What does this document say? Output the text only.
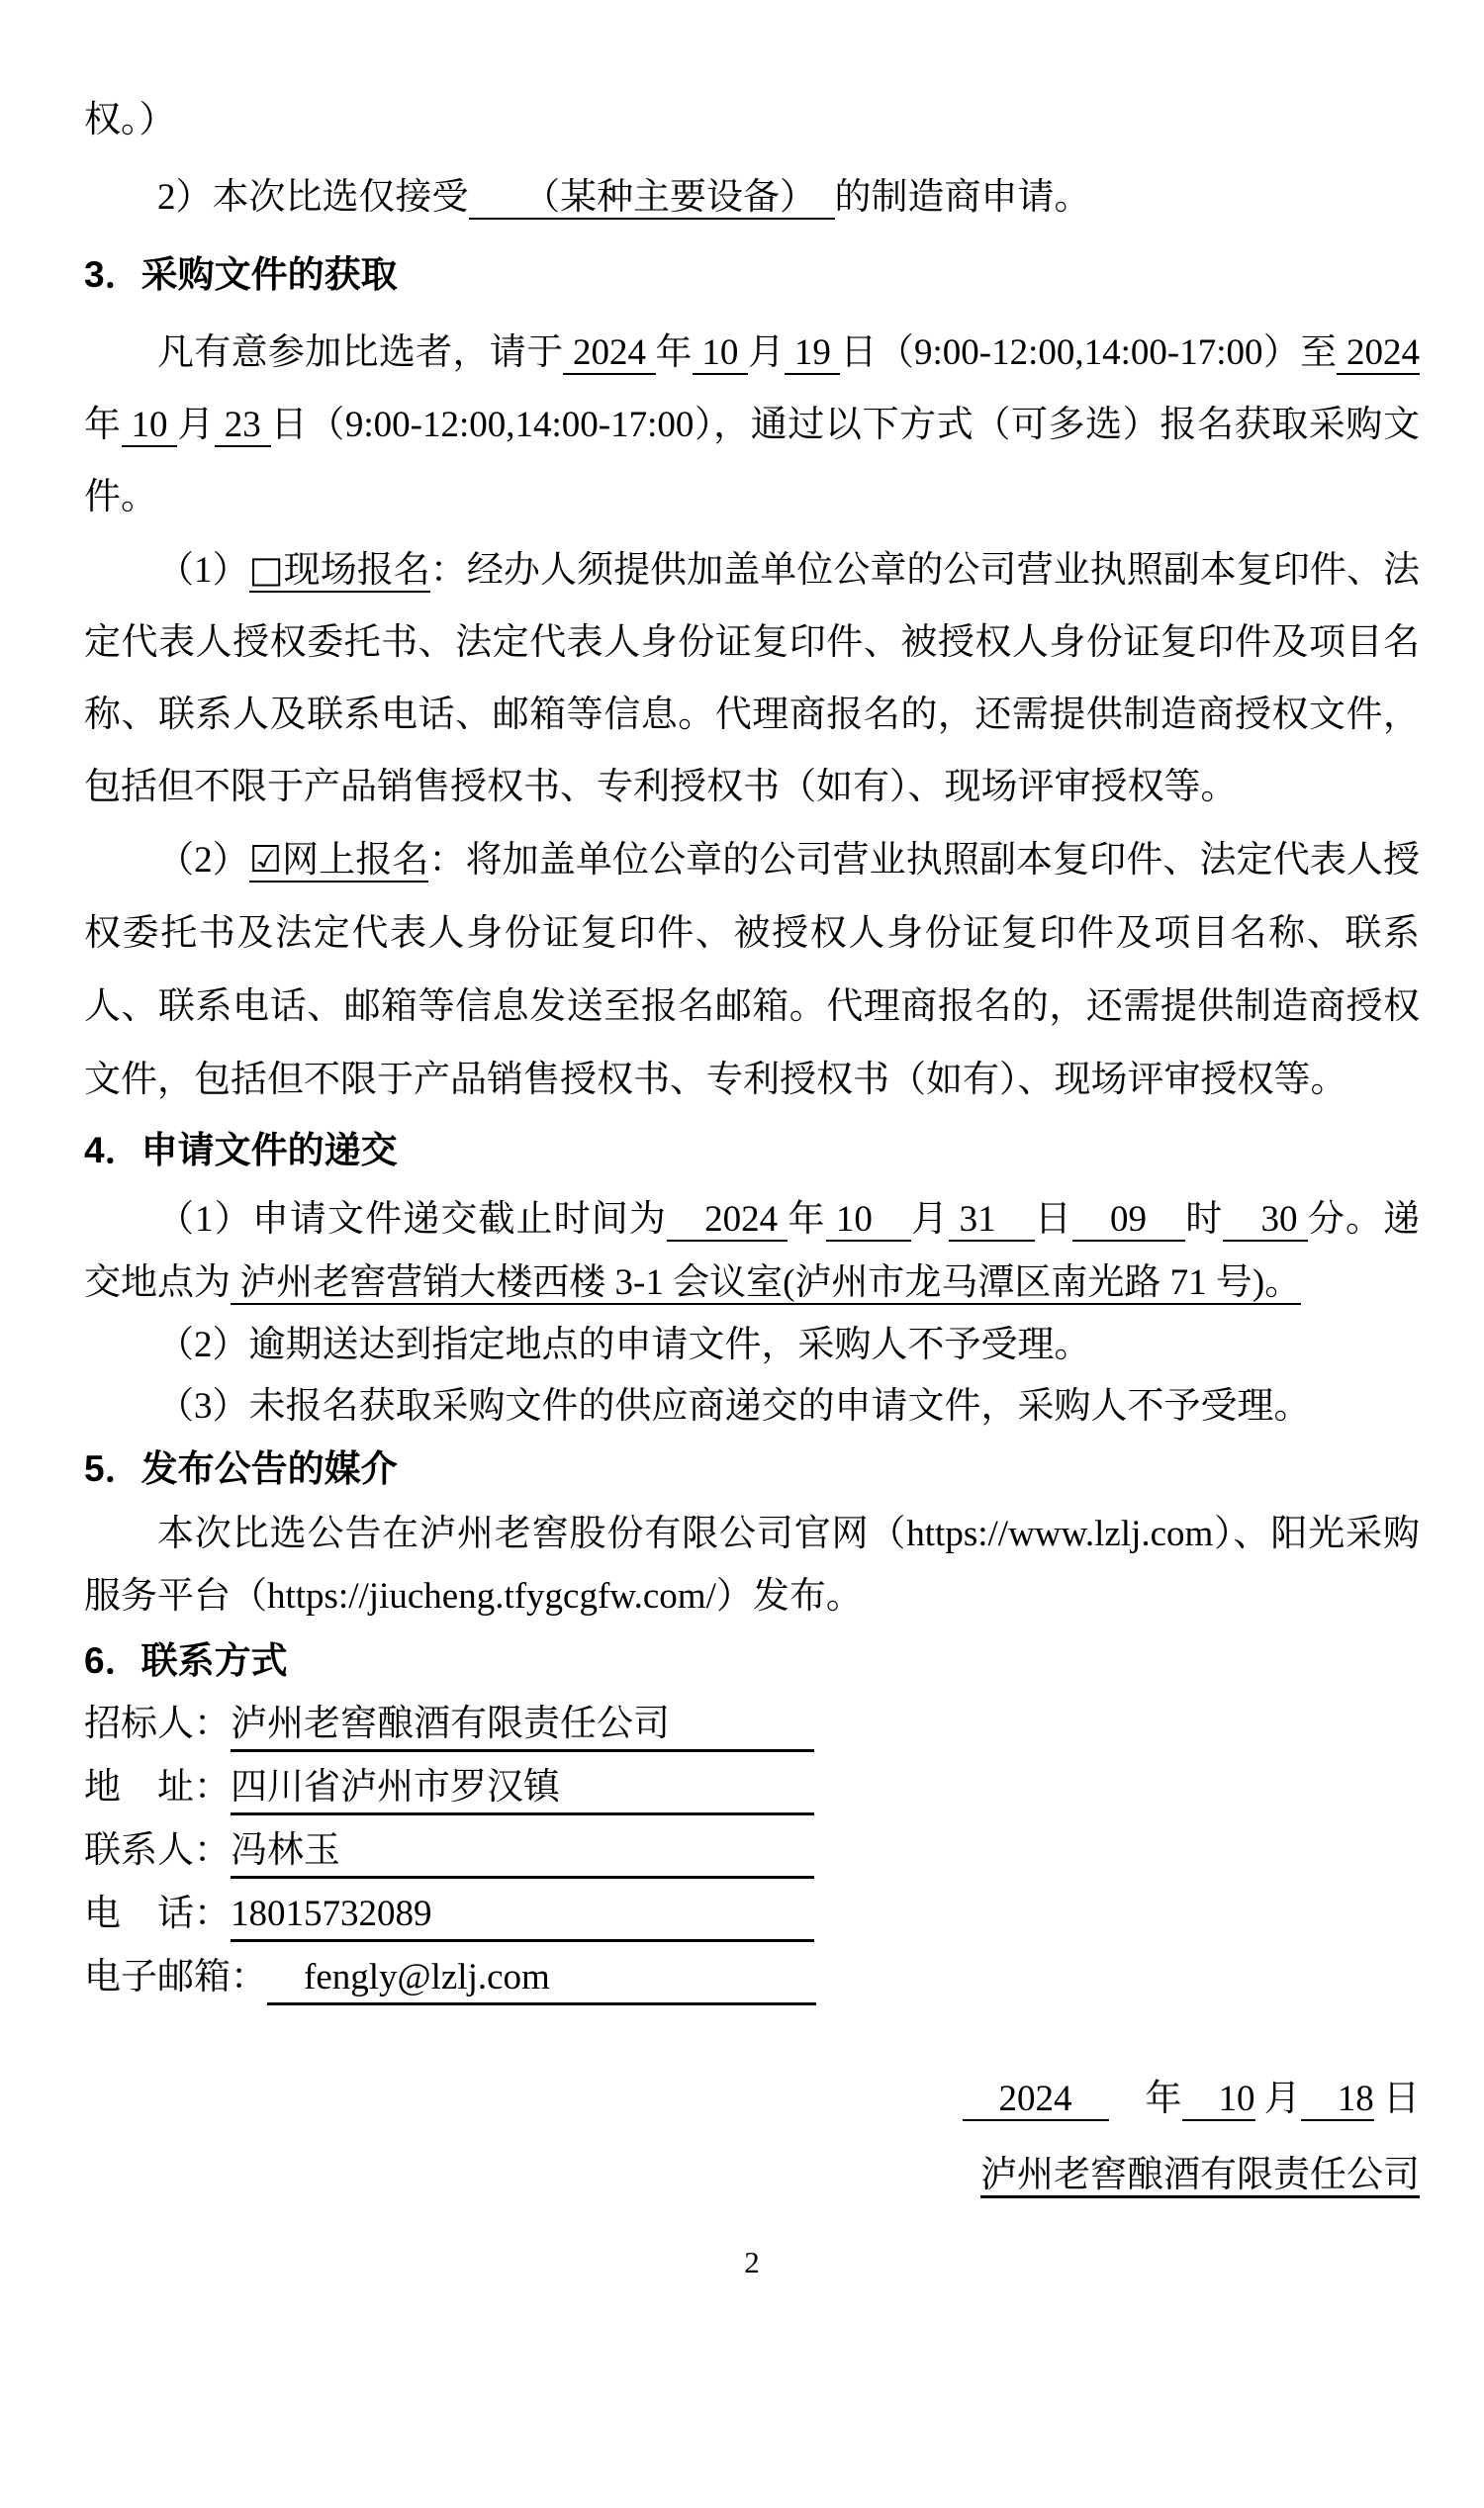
权。）

2）本次比选仅接受　　（某种主要设备）　的制造商申请。

3．采购文件的获取

凡有意参加比选者，请于 2024 年 10 月 19 日（9:00-12:00,14:00-17:00）至 2024 年 10 月 23 日（9:00-12:00,14:00-17:00），通过以下方式（可多选）报名获取采购文件。

（1）□现场报名：经办人须提供加盖单位公章的公司营业执照副本复印件、法定代表人授权委托书、法定代表人身份证复印件、被授权人身份证复印件及项目名称、联系人及联系电话、邮箱等信息。代理商报名的，还需提供制造商授权文件，包括但不限于产品销售授权书、专利授权书（如有）、现场评审授权等。

（2）☑网上报名：将加盖单位公章的公司营业执照副本复印件、法定代表人授权委托书及法定代表人身份证复印件、被授权人身份证复印件及项目名称、联系人、联系电话、邮箱等信息发送至报名邮箱。代理商报名的，还需提供制造商授权文件，包括但不限于产品销售授权书、专利授权书（如有）、现场评审授权等。

4．申请文件的递交

（1）申请文件递交截止时间为　2024 年 10　月 31　日　09　时　30 分。递交地点为 泸州老窖营销大楼西楼 3-1 会议室(泸州市龙马潭区南光路 71 号)。

（2）逾期送达到指定地点的申请文件，采购人不予受理。

（3）未报名获取采购文件的供应商递交的申请文件，采购人不予受理。

5．发布公告的媒介

本次比选公告在泸州老窖股份有限公司官网（https://www.lzlj.com）、阳光采购服务平台（https://jiucheng.tfygcgfw.com/）发布。

6．联系方式

招标人：泸州老窖酿酒有限责任公司

地　址：四川省泸州市罗汉镇

联系人：冯林玉

电　话：18015732089

电子邮箱：　fengly@lzlj.com

　2024　　年　10 月　18 日

泸州老窖酿酒有限责任公司

2
